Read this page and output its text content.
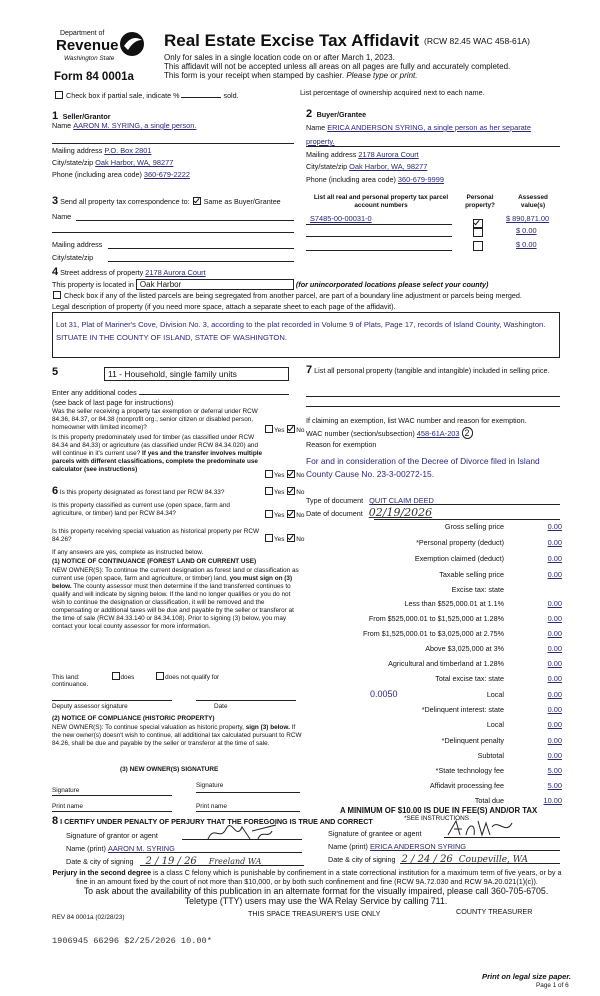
Department of
Revenue
Washington State
Form 84 0001a
Real Estate Excise Tax Affidavit (RCW 82.45 WAC 458-61A)
Only for sales in a single location code on or after March 1, 2023.
This affidavit will not be accepted unless all areas on all pages are fully and accurately completed.
This form is your receipt when stamped by cashier. Please type or print.
Check box if partial sale, indicate %	sold.	List percentage of ownership acquired next to each name.
1 Seller/Grantor
Name AARON M. SYRING, a single person.
Mailing address P.O. Box 2801
City/state/zip Oak Harbor, WA, 98277
Phone (including area code) 360-679-2222
2 Buyer/Grantee
Name ERICA ANDERSON SYRING, a single person as her separate
property.
Mailing address 2178 Aurora Court
City/state/zip Oak Harbor, WA, 98277
Phone (including area code) 360-679-9999
3 Send all property tax correspondence to: Same as Buyer/Grantee
Name
Mailing address
City/state/zip
List all real and personal property tax parcel account numbers
Personal property?
Assessed value(s)
S7485-00-00031-0	$ 890,871.00
$ 0.00
$ 0.00
4 Street address of property 2178 Aurora Court
This property is located in Oak Harbor	(for unincorporated locations please select your county)
Check box if any of the listed parcels are being segregated from another parcel, are part of a boundary line adjustment or parcels being merged.
Legal description of property (if you need more space, attach a separate sheet to each page of the affidavit).
Lot 31, Plat of Mariner's Cove, Division No. 3, according to the plat recorded in Volume 9 of Plats, Page 17, records of Island County, Washington.
SITUATE IN THE COUNTY OF ISLAND, STATE OF WASHINGTON.
5	11 - Household, single family units
Enter any additional codes
(see back of last page for instructions)
Was the seller receiving a property tax exemption or deferral under RCW 84.36, 84.37, or 84.38 (nonprofit org., senior citizen or disabled person, homeowner with limited income)?	Yes No
Is this property predominately used for timber (as classified under RCW 84.34 and 84.33) or agriculture (as classified under RCW 84.34.020) and will continue in it's current use? If yes and the transfer involves multiple parcels with different classifications, complete the predominate use calculator (see instructions)
Yes No
6 Is this property designated as forest land per RCW 84.33?	Yes No
Is this property classified as current use (open space, farm and agriculture, or timber) land per RCW 84.34?	Yes No
Is this property receiving special valuation as historical property per RCW 84.26?	Yes No
If any answers are yes, complete as instructed below.
(1) NOTICE OF CONTINUANCE (FOREST LAND OR CURRENT USE)
NEW OWNER(S): To continue the current designation as forest land or classification as current use (open space, farm and agriculture, or timber) land, you must sign on (3) below. The county assessor must then determine if the land transferred continues to qualify and will indicate by signing below. If the land no longer qualifies or you do not wish to continue the designation or classification, it will be removed and the compensating or additional taxes will be due and payable by the seller or transferor at the time of sale (RCW 84.33.140 or 84.34.108). Prior to signing (3) below, you may contact your local county assessor for more information.
This land:	does	does not qualify for
continuance.
Deputy assessor signature	Date
(2) NOTICE OF COMPLIANCE (HISTORIC PROPERTY)
NEW OWNER(S): To continue special valuation as historic property, sign (3) below. If the new owner(s) doesn't wish to continue, all additional tax calculated pursuant to RCW 84.26, shall be due and payable by the seller or transferor at the time of sale.
(3) NEW OWNER(S) SIGNATURE
Signature
Signature
Print name	Print name
7 List all personal property (tangible and intangible) included in selling price.
If claiming an exemption, list WAC number and reason for exemption.
WAC number (section/subsection) 458-61A-203 2
Reason for exemption
For and in consideration of the Decree of Divorce filed in Island County Cause No. 23-3-00272-15.
Type of document QUIT CLAIM DEED
Date of document 02/19/2026
Gross selling price	0.00
*Personal property (deduct)	0.00
Exemption claimed (deduct)	0.00
Taxable selling price	0.00
Excise tax: state
Less than $525,000.01 at 1.1%	0.00
From $525,000.01 to $1,525,000 at 1.28%	0.00
From $1,525,000.01 to $3,025,000 at 2.75%	0.00
Above $3,025,000 at 3%	0.00
Agricultural and timberland at 1.28%	0.00
Total excise tax: state	0.00
0.0050	Local	0.00
*Delinquent interest: state	0.00
Local	0.00
*Delinquent penalty	0.00
Subtotal	0.00
*State technology fee	5.00
Affidavit processing fee	5.00
Total due	10.00
A MINIMUM OF $10.00 IS DUE IN FEE(S) AND/OR TAX
*SEE INSTRUCTIONS
8 I CERTIFY UNDER PENALTY OF PERJURY THAT THE FOREGOING IS TRUE AND CORRECT
Signature of grantor or agent
Name (print) AARON M. SYRING
Date & city of signing 2 / 19 / 26 Freeland WA
Signature of grantee or agent
Name (print) ERICA ANDERSON SYRING
Date & city of signing 2 / 24 / 26 Coupeville, WA
Perjury in the second degree is a class C felony which is punishable by confinement in a state correctional institution for a maximum term of five years, or by a fine in an amount fixed by the court of not more than $10,000, or by both such confinement and fine (RCW 9A.72.030 and RCW 9A.20.021(1)(c)).
To ask about the availability of this publication in an alternate format for the visually impaired, please call 360-705-6705. Teletype (TTY) users may use the WA Relay Service by calling 711.
REV 84 0001a (02/28/23)	THIS SPACE TREASURER'S USE ONLY	COUNTY TREASURER
1906945 66296 $2/25/2026 10.00*
Print on legal size paper.
Page 1 of 6
